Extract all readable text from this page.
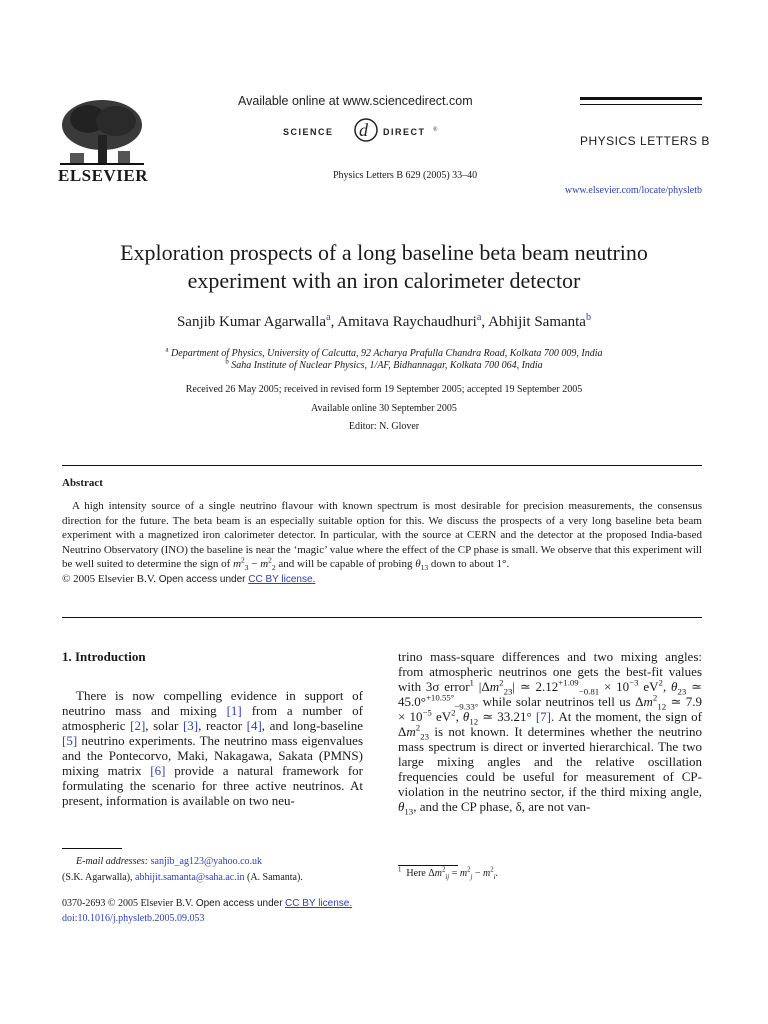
ELSEVIER
Available online at www.sciencedirect.com
SCIENCE d DIRECT ®
Physics Letters B 629 (2005) 33–40
PHYSICS LETTERS B
www.elsevier.com/locate/physletb
Exploration prospects of a long baseline beta beam neutrino
experiment with an iron calorimeter detector
Sanjib Kumar Agarwalla$^a$, Amitava Raychaudhuri$^a$, Abhijit Samanta$^b$
$^a$ Department of Physics, University of Calcutta, 92 Acharya Prafulla Chandra Road, Kolkata 700 009, India
$^b$ Saha Institute of Nuclear Physics, 1/AF, Bidhannagar, Kolkata 700 064, India
Received 26 May 2005; received in revised form 19 September 2005; accepted 19 September 2005
Available online 30 September 2005
Editor: N. Glover
Abstract

A high intensity source of a single neutrino flavour with known spectrum is most desirable for precision measurements, the consensus direction for the future. The beta beam is an especially suitable option for this. We discuss the prospects of a very long baseline beta beam experiment with a magnetized iron calorimeter detector. In particular, with the source at CERN and the detector at the proposed India-based Neutrino Observatory (INO) the baseline is near the ‘magic’ value where the effect of the CP phase is small. We observe that this experiment will be well suited to determine the sign of $m^2_3 - m^2_2$ and will be capable of probing $\theta_{13}$ down to about 1°.

© 2005 Elsevier B.V. Open access under CC BY license.
1. Introduction

There is now compelling evidence in support of neutrino mass and mixing [1] from a number of atmospheric [2], solar [3], reactor [4], and long-baseline [5] neutrino experiments. The neutrino mass eigenvalues and the Pontecorvo, Maki, Nakagawa, Sakata (PMNS) mixing matrix [6] provide a natural framework for formulating the scenario for three active neutrinos. At present, information is available on two neu-

trino mass-square differences and two mixing angles: from atmospheric neutrinos one gets the best-fit values with 3σ error$^1$ $|\Delta m^2_{23}|$ ≃ $2.12^{+1.09}_{-0.81} \times 10^{-3}$ $eV^2$, $\theta_{23}$ ≃ 45.0°$^{+10.55^\circ}_{-9.33^\circ}$ while solar neutrinos tell us $\Delta m^2_{12}$ ≃ $7.9 \times 10^{-5}$ $eV^2$, $\theta_{12}$ ≃ 33.21° [7]. At the moment, the sign of $\Delta m^2_{23}$ is not known. It determines whether the neutrino mass spectrum is direct or inverted hierarchical. The two large mixing angles and the relative oscillation frequencies could be useful for measurement of CP-violation in the neutrino sector, if the third mixing angle, $\theta_{13}$, and the CP phase, δ, are not van-

E-mail addresses: sanjib_ag123@yahoo.co.uk
(S.K. Agarwalla), abhijit.samanta@saha.ac.in (A. Samanta).
$^1$ Here $\Delta m^2_{ij} = m^2_j - m^2_i$.
0370-2693 © 2005 Elsevier B.V. Open access under CC BY license.
doi:10.1016/j.physletb.2005.09.053
